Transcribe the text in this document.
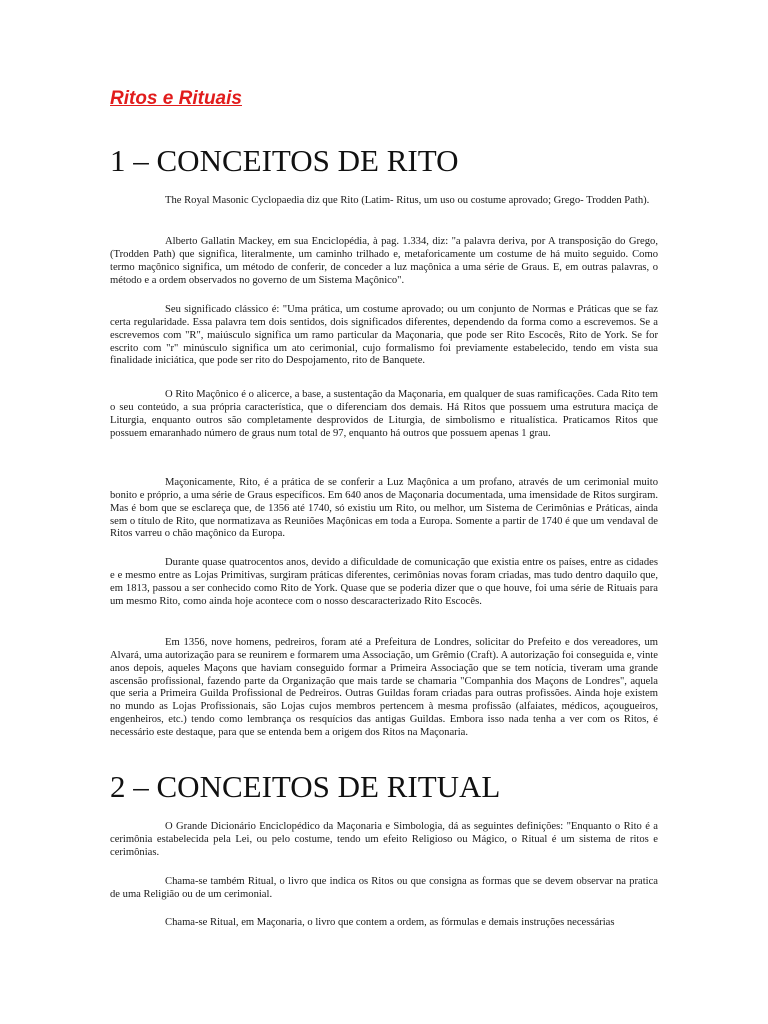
Ritos e Rituais

1 – CONCEITOS DE RITO

The Royal Masonic Cyclopaedia diz que Rito (Latim- Ritus, um uso ou costume aprovado; Grego- Trodden Path).

Alberto Gallatin Mackey, em sua Enciclopédia, à pag. 1.334, diz: "a palavra deriva, por A transposição do Grego, (Trodden Path) que significa, literalmente, um caminho trilhado e, metaforicamente um costume de há muito seguido. Como termo maçônico significa, um método de conferir, de conceder a luz maçônica a uma série de Graus. E, em outras palavras, o método e a ordem observados no governo de um Sistema Maçônico".

Seu significado clássico é: "Uma prática, um costume aprovado; ou um conjunto de Normas e Práticas que se faz certa regularidade. Essa palavra tem dois sentidos, dois significados diferentes, dependendo da forma como a escrevemos. Se a escrevemos com "R", maiúsculo significa um ramo particular da Maçonaria, que pode ser Rito Escocês, Rito de York. Se for escrito com "r" minúsculo significa um ato cerimonial, cujo formalismo foi previamente estabelecido, tendo em vista sua finalidade iniciática, que pode ser rito do Despojamento, rito de Banquete.

O Rito Maçônico é o alicerce, a base, a sustentação da Maçonaria, em qualquer de suas ramificações. Cada Rito tem o seu conteúdo, a sua própria característica, que o diferenciam dos demais. Há Ritos que possuem uma estrutura maciça de Liturgia, enquanto outros são completamente desprovidos de Liturgia, de simbolismo e ritualística. Praticamos Ritos que possuem emaranhado número de graus num total de 97, enquanto há outros que possuem apenas 1 grau.

Maçonicamente, Rito, é a prática de se conferir a Luz Maçônica a um profano, através de um cerimonial muito bonito e próprio, a uma série de Graus específicos. Em 640 anos de Maçonaria documentada, uma imensidade de Ritos surgiram. Mas é bom que se esclareça que, de 1356 até 1740, só existiu um Rito, ou melhor, um Sistema de Cerimônias e Práticas, ainda sem o título de Rito, que normatizava as Reuniões Maçônicas em toda a Europa. Somente a partir de 1740 é que um vendaval de Ritos varreu o chão maçônico da Europa.

Durante quase quatrocentos anos, devido a dificuldade de comunicação que existia entre os países, entre as cidades e e mesmo entre as Lojas Primitivas, surgiram práticas diferentes, cerimônias novas foram criadas, mas tudo dentro daquilo que, em 1813, passou a ser conhecido como Rito de York. Quase que se poderia dizer que o que houve, foi uma série de Rituais para um mesmo Rito, como ainda hoje acontece com o nosso descaracterizado Rito Escocês.

Em 1356, nove homens, pedreiros, foram até a Prefeitura de Londres, solicitar do Prefeito e dos vereadores, um Alvará, uma autorização para se reunirem e formarem uma Associação, um Grêmio (Craft). A autorização foi conseguida e, vinte anos depois, aqueles Maçons que haviam conseguido formar a Primeira Associação que se tem notícia, tiveram uma grande ascensão profissional, fazendo parte da Organização que mais tarde se chamaria "Companhia dos Maçons de Londres", aquela que seria a Primeira Guilda Profissional de Pedreiros. Outras Guildas foram criadas para outras profissões. Ainda hoje existem no mundo as Lojas Profissionais, são Lojas cujos membros pertencem à mesma profissão (alfaiates, médicos, açougueiros, engenheiros, etc.) tendo como lembrança os resquícios das antigas Guildas. Embora isso nada tenha a ver com os Ritos, é necessário este destaque, para que se entenda bem a origem dos Ritos na Maçonaria.

2 – CONCEITOS DE RITUAL

O Grande Dicionário Enciclopédico da Maçonaria e Simbologia, dá as seguintes definições: "Enquanto o Rito é a cerimônia estabelecida pela Lei, ou pelo costume, tendo um efeito Religioso ou Mágico, o Ritual é um sistema de ritos e cerimônias.

Chama-se também Ritual, o livro que indica os Ritos ou que consigna as formas que se devem observar na pratica de uma Religião ou de um cerimonial.

Chama-se Ritual, em Maçonaria, o livro que contem a ordem, as fórmulas e demais instruções necessárias
